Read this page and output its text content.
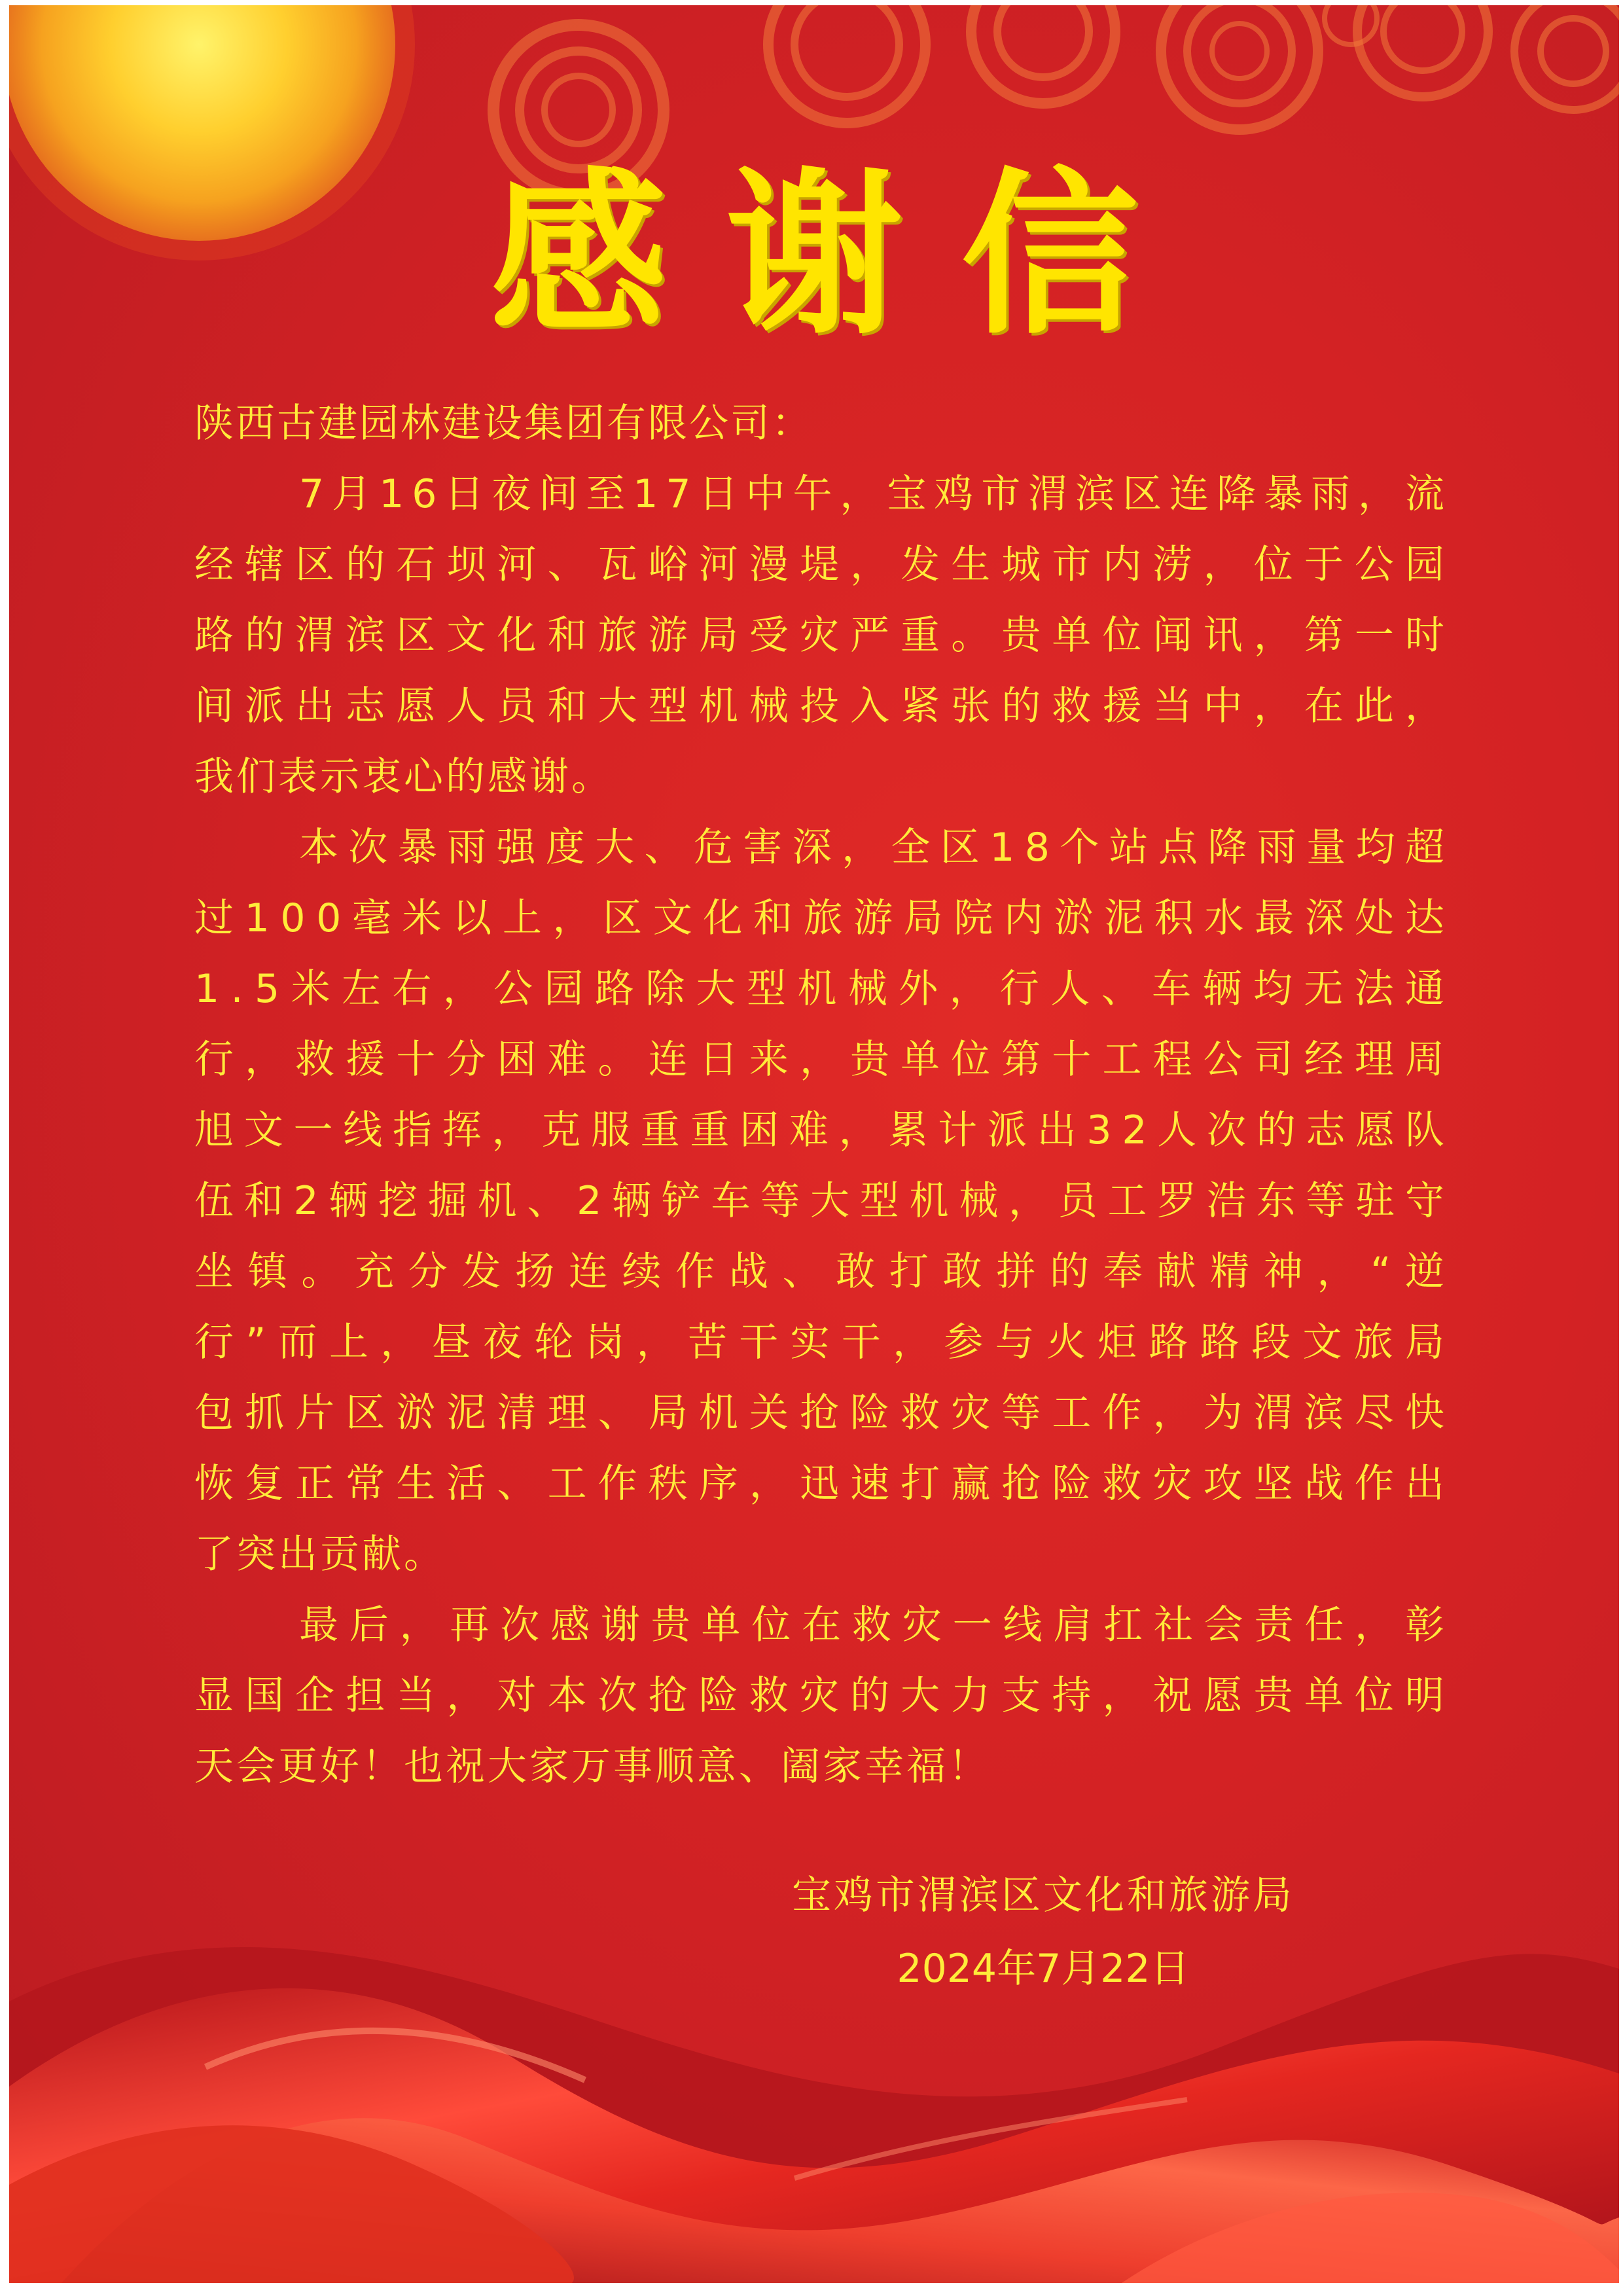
感谢信
陕西古建园林建设集团有限公司：
7月16日夜间至17日中午，宝鸡市渭滨区连降暴雨，流
经辖区的石坝河、瓦峪河漫堤，发生城市内涝，位于公园
路的渭滨区文化和旅游局受灾严重。贵单位闻讯，第一时
间派出志愿人员和大型机械投入紧张的救援当中，在此，
我们表示衷心的感谢。
本次暴雨强度大、危害深，全区18个站点降雨量均超
过100毫米以上，区文化和旅游局院内淤泥积水最深处达
1.5米左右，公园路除大型机械外，行人、车辆均无法通
行，救援十分困难。连日来，贵单位第十工程公司经理周
旭文一线指挥，克服重重困难，累计派出32人次的志愿队
伍和2辆挖掘机、2辆铲车等大型机械，员工罗浩东等驻守
坐镇。充分发扬连续作战、敢打敢拼的奉献精神，“逆
行”而上，昼夜轮岗，苦干实干，参与火炬路路段文旅局
包抓片区淤泥清理、局机关抢险救灾等工作，为渭滨尽快
恢复正常生活、工作秩序，迅速打赢抢险救灾攻坚战作出
了突出贡献。
最后，再次感谢贵单位在救灾一线肩扛社会责任，彰
显国企担当，对本次抢险救灾的大力支持，祝愿贵单位明
天会更好！也祝大家万事顺意、阖家幸福！
宝鸡市渭滨区文化和旅游局
2024年7月22日
